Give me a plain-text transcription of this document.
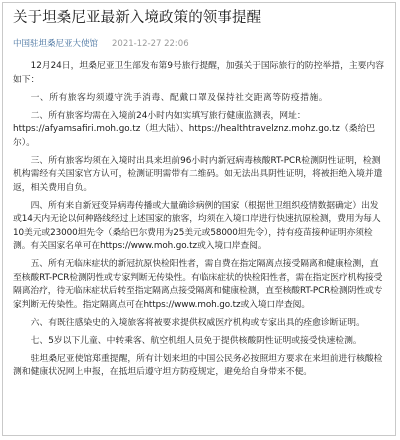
关于坦桑尼亚最新入境政策的领事提醒
中国驻坦桑尼亚大使馆 2021-12-27 22:06

12月24日，坦桑尼亚卫生部发布第9号旅行提醒，加强关于国际旅行的防控举措，主要内容如下：

一、所有旅客均须遵守洗手消毒、配戴口罩及保持社交距离等防疫措施。

二、所有旅客均需在入境前24小时内如实填写旅行健康监测表，网址：https://afyamsafiri.moh.go.tz（坦大陆）、https://healthtravelznz.mohz.go.tz（桑给巴尔）。

三、所有旅客均须在入境时出具来坦前96小时内新冠病毒核酸RT-PCR检测阴性证明，检测机构需经有关国家官方认可，检测证明需带有二维码。如无法出具阴性证明，将被拒绝入境并遣返，相关费用自负。

四、所有来自新冠变异病毒传播或大量确诊病例的国家（根据世卫组织疫情数据确定）出发或14天内无论以何种路线经过上述国家的旅客，均须在入境口岸进行快速抗原检测，费用为每人10美元或23000坦先令（桑给巴尔费用为25美元或58000坦先令），持有疫苗接种证明亦须检测。有关国家名单可在https://www.moh.go.tz或入境口岸查阅。

五、所有无临床症状的新冠抗原快检阳性者，需自费在指定隔离点接受隔离和健康检测，直至核酸RT-PCR检测阴性或专家判断无传染性。有临床症状的快检阳性者，需在指定医疗机构接受隔离治疗，待无临床症状后转至指定隔离点接受隔离和健康检测，直至核酸RT-PCR检测阴性或专家判断无传染性。指定隔离点可在https://www.moh.go.tz或入境口岸查阅。

六、有既往感染史的入境旅客将被要求提供权威医疗机构或专家出具的痊愈诊断证明。

七、5岁以下儿童、中转乘客、航空机组人员免于提供核酸阴性证明或接受快速检测。

驻坦桑尼亚使馆郑重提醒，所有计划来坦的中国公民务必按照坦方要求在来坦前进行核酸检测和健康状况网上申报，在抵坦后遵守坦方防疫规定，避免给自身带来不便。
